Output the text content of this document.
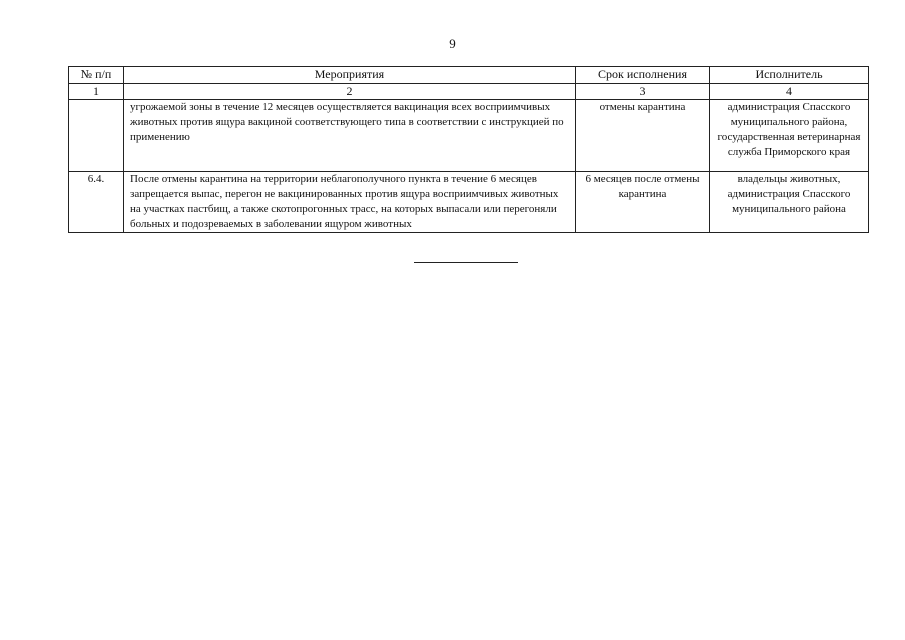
9
№ п/п	Мероприятия	Срок исполнения	Исполнитель
1	2	3	4
	угрожаемой зоны в течение 12 месяцев осуществляется вакцинация всех восприимчивых животных против ящура вакциной соответствующего типа в соответствии с инструкцией по применению	отмены карантина	администрация Спасского муниципального района, государственная ветеринарная служба Приморского края
6.4.	После отмены карантина на территории неблагополучного пункта в течение 6 месяцев запрещается выпас, перегон не вакцинированных против ящура восприимчивых животных на участках пастбищ, а также скотопрогонных трасс, на которых выпасали или перегоняли больных и подозреваемых в заболевании ящуром животных	6 месяцев после отмены карантина	владельцы животных, администрация Спасского муниципального района
